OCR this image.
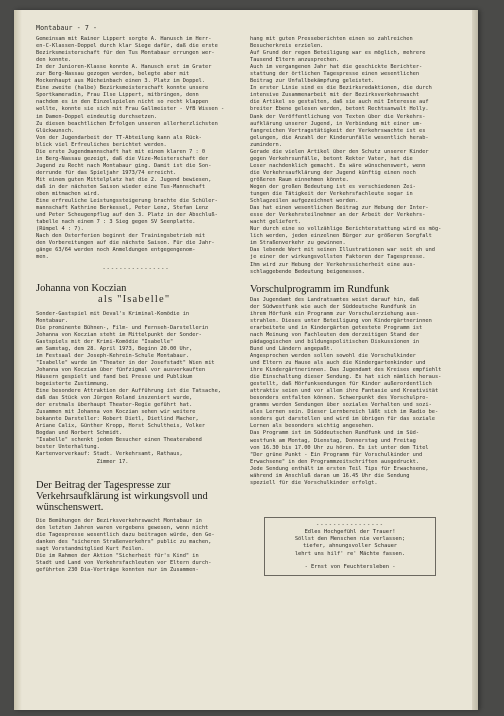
Montabaur - 7 -

Gemeinsam mit Rainer Lippert sorgte A. Hanusch im Herr-

en-C-Klassen-Doppel durch klar Siege dafür, daß die erste

Bezirksmeisterschaft für den Tus Montabaur errungen wer-

den konnte.

In der Junioren-Klasse konnte A. Hanusch erst im Grater

zur Berg-Nassau gezogen werden, belegte aber mit

Mockenhaupt aus Mücheinbach einen 3. Platz im Doppel.

Eine zweite (halbe) Bezirksmeisterschaft konnte unsere

Sportkameradin, Frau Ilse Lippert, mitbringen, denn

nachdem es in den Einzelspielen nicht so recht klappen

wollte, konnte sie sich mit Frau Gallmeister - VfB Wissen -

im Damen-Doppel eindeutig durchsetzen.

Zu diesen beachtlichen Erfolgen unseren allerherzlichsten

Glückwunsch.

Von der Jugendarbeit der TT-Abteilung kann als Rück-

blick viel Erfreuliches berichtet werden.

Die erste Jugendmannschaft hat mit einem klaren 7 : 0

in Berg-Nassau gezeigt, daß die Vize-Meisterschaft der

Jugend zu Recht nach Montabaur ging. Damit ist die Son-

derrunde für das Spieljahr 1973/74 erreicht.

Mit einem guten Mittelplatz hat die 2. Jugend bewiesen,

daß in der nächsten Saison wieder eine Tus-Mannschaft

oben mitmachen wird.

Eine erfreuliche Leistungssteigerung brachte die Schüler-

mannschaft Kathrine Berkessel, Peter Lenz, Stefan Lenz

und Peter Scheugenpflug auf den 3. Platz in der Abschluß-

tabelle nach einem 7 : 3 Sieg gegen SV Seenplatte.

(Rümpel 4 : 7).

Nach den Osterferien beginnt der Trainingsbetrieb mit

den Vorbereitungen auf die nächste Saison. Für die Jahr-

gänge 63/64 werden noch Anmeldungen entgegengenom-

men.

----------------

Johanna von Koczian

als "Isabelle"

Sonder-Gastspiel mit Deval's Kriminal-Komödie in

Montabaur.

Die prominente Bühnen-, Film- und Fernseh-Darstellerin

Johanna von Koczian steht im Mittelpunkt der Sonder-

Gastspiels mit der Krimi-Komödie "Isabelle"

am Samstag, dem 28. April 1973, Beginn 20.00 Uhr,

im Festsaal der Joseph-Kehrein-Schule Montabaur.

"Isabelle" wurde im "Theater in der Josefstadt" Wien mit

Johanna von Koczian über fünfzigmal vor ausverkauften

Häusern gespielt und fand bei Presse und Publikum

begeisterte Zustimmung.

Eine besondere Attraktion der Aufführung ist die Tatsache,

daß das Stück von Jürgen Roland inszeniert wurde,

der erstmals überhaupt Theater-Regie geführt hat.

Zusammen mit Johanna von Koczian sehen wir weitere

bekannte Darsteller: Robert Dietl, Dietlind Macher,

Ariane Calix, Günther Kropp, Horst Schultheis, Volker

Bogdan und Norbert Schmidt.

"Isabelle" schenkt jedem Besucher einen Theaterabend

bester Unterhaltung.

Kartenvorverkauf: Stadt. Verkehrsamt, Rathaus,

Zimmer 17.

Der Beitrag der Tagespresse zur Verkehrsaufklärung ist wirkungsvoll und wünschenswert.

Die Bemühungen der Bezirksverkehrswacht Montabaur in

den letzten Jahren waren vergebens gewesen, wenn nicht

die Tagespresse wesentlich dazu beitragen würde, den Ge-

danken des "sicheren Straßenverkehrs" public zu machen,

sagt Vorstandmitglied Kurt Feilen.

Die im Rahmen der Aktion "Sicherheit für's Kind" in

Stadt und Land von Verkehrsfachleuten vor Eltern durch-

geführten 230 Dia-Vorträge konnten nur im Zusammen-

hang mit guten Presseberichten einen so zahlreichen

Besucherkreis erzielen.

Auf Grund der regen Beteiligung war es möglich, mehrere

Tausend Eltern anzusprechen.

Auch im vergangenen Jahr hat die geschickte Berichter-

stattung der örtlichen Tagespresse einen wesentlichen

Beitrag zur Unfallbekämpfung geleistet.

In erster Linie sind es die Bezirksredaktionen, die durch

intensive Zusammenarbeit mit der Bezirksverkehrswacht

die Artikel so gestalten, daß sie auch mit Interesse auf

breiter Ebene gelesen werden, betont Rechtsanwalt Holly.

Dank der Veröffentlichung von Texten über die Verkehrs-

aufklärung unserer Jugend, in Verbindung mit einer um-

fangreichen Vortragstätigkeit der Verkehrswachte ist es

gelungen, die Anzahl der Kinderunfälle wesentlich herab-

zumindern.

Gerade die vielen Artikel über den Schutz unserer Kinder

gegen Verkehrsunfälle, betont Rektor Vater, hat die

Leser nachdenklich gemacht. Es wäre wünschenswert, wenn

die Verkehrsaufklärung der Jugend künftig einen noch

größeren Raum einnehmen könnte.

Wegen der großen Bedeutung ist es verschiedenen Zei-

tungen die Tätigkeit der Verkehrsfachleute sogar in

Schlagzeilen aufgezeichnet worden.

Das hat einen wesentlichen Beitrag zur Hebung der Inter-

esse der Verkehrsteilnehmer an der Arbeit der Verkehrs-

wacht geliefert.

Nur durch eine so vollzählige Berichterstattung wird es mög-

lich werden, jeden einzelnen Bürger zur größeren Sorgfalt

im Straßenverkehr zu gewinnen.

Das lebende Wort mit seinen Illustrationen war seit eh und

je einer der wirkungsvollsten Faktoren der Tagespresse.

Ihm wird zur Hebung der Verkehrssicherheit eine aus-

schlaggebende Bedeutung beigemessen.

Vorschulprogramm im Rundfunk

Das Jugendamt des Landratsamtes weist darauf hin, daß

der Südwestfunk wie auch der Süddeutsche Rundfunk in

ihrem Hörfunk ein Programm zur Vorschulerziehung aus-

strahlen. Dieses unter Beteiligung von Kindergärtnerinnen

erarbeitete und in Kindergärten getestete Programm ist

nach Meinung von Fachleuten dem derzeitigen Stand der

pädagogischen und bildungspolitischen Diskussionen in

Bund und Ländern angepaßt.

Angesprochen werden sollen sowohl die Vorschulkinder

und Eltern zu Hause als auch die Kindergartenkinder und

ihre Kindergärtnerinnen. Das Jugendamt des Kreises empfiehlt

die Einschaltung dieser Sendung. Es hat sich nämlich heraus-

gestellt, daß Hörfunksendungen für Kinder außerordentlich

attraktiv seien und vor allem ihre Fantasie und Kreativität

besonders entfalten können. Schwerpunkt des Vorschulpro-

gramms werden Sendungen über soziales Verhalten und sozi-

ales Lernen sein. Dieser Lernbereich läßt sich im Radio be-

sonders gut darstellen und wird im übrigen für das soziale

Lernen als besonders wichtig angesehen.

Das Programm ist im Süddeutschen Rundfunk und im Süd-

westfunk am Montag, Dienstag, Donnerstag und Freitag

von 16.30 bis 17.00 Uhr zu hören. Es ist unter dem Titel

"Der grüne Punkt - Ein Programm für Vorschulkinder und

Erwachsene" in den Programmzeitschriften ausgedruckt.

Jede Sendung enthält im ersten Teil Tips für Erwachsene,

während im Anschluß daran um 16.45 Uhr die Sendung

speziell für die Vorschulkinder erfolgt.

----------------

Edles Hochgefühl der Trauer!

Söllst den Menschen nie verlassen;

tiefer, ahnungsvoller Schauer

lehrt uns hilf' re' Mächte fassen.

- Ernst von Feuchtersleben -
